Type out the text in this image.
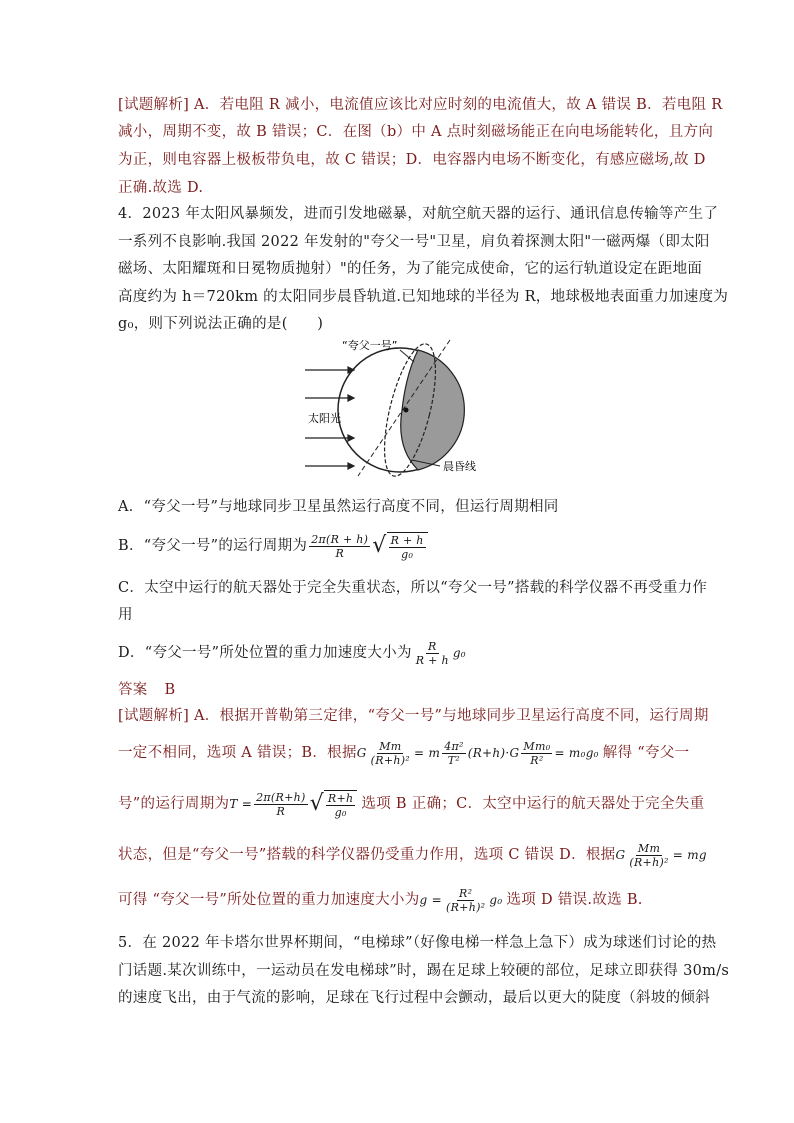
[试题解析] A．若电阻 R 减小，电流值应该比对应时刻的电流值大，故 A 错误 B．若电阻 R
减小，周期不变，故 B 错误；C．在图（b）中 A 点时刻磁场能正在向电场能转化，且方向
为正，则电容器上极板带负电，故 C 错误；D．电容器内电场不断变化，有感应磁场,故 D
正确.故选 D.
4．2023 年太阳风暴频发，进而引发地磁暴，对航空航天器的运行、通讯信息传输等产生了
一系列不良影响.我国 2022 年发射的"夸父一号"卫星，肩负着探测太阳"一磁两爆（即太阳
磁场、太阳耀斑和日冕物质抛射）"的任务，为了能完成使命，它的运行轨道设定在距地面
高度约为 h＝720km 的太阳同步晨昏轨道.已知地球的半径为 R，地球极地表面重力加速度为
g₀，则下列说法正确的是(　　)
“夸父一号”
太阳光
晨昏线
A．“夸父一号”与地球同步卫星虽然运行高度不同，但运行周期相同
B．“夸父一号”的运行周期为 $\frac{2\pi(R + h)}{R}$ √ $\frac{R + h}{\text{g₀}}$
C．太空中运行的航天器处于完全失重状态，所以“夸父一号”搭载的科学仪器不再受重力作
用
D．“夸父一号”所处位置的重力加速度大小为 $\frac{R}{R + h} g_0$
答案 B
[试题解析] A．根据开普勒第三定律，“夸父一号”与地球同步卫星运行高度不同，运行周期
一定不相同，选项 A 错误；B．根据 G $\frac{Mm}{\text{(R+h)²}} = m \frac{\text{4π²}}{\text{T²}} (R+h)\cdot G \frac{\text{Mm₀}}{\text{R²}} = m_0g_0$ 解得 “夸父一
号”的运行周期为 $T = \frac{2\pi(R+h)}{R}$ √ $\frac{R+h}{\text{g₀}}$ 选项 B 正确；C．太空中运行的航天器处于完全失重
状态，但是“夸父一号”搭载的科学仪器仍受重力作用，选项 C 错误 D．根据 G $\frac{Mm}{\text{(R+h)²}}$ = mg
可得 “夸父一号”所处位置的重力加速度大小为 $g = \frac{\text{R²}}{\text{(R+h)²}} g_0$ 选项 D 错误.故选 B.
5．在 2022 年卡塔尔世界杯期间，“电梯球”（好像电梯一样急上急下）成为球迷们讨论的热
门话题.某次训练中，一运动员在发电梯球”时，踢在足球上较硬的部位，足球立即获得 30m/s
的速度飞出，由于气流的影响，足球在飞行过程中会颤动，最后以更大的陡度（斜坡的倾斜
